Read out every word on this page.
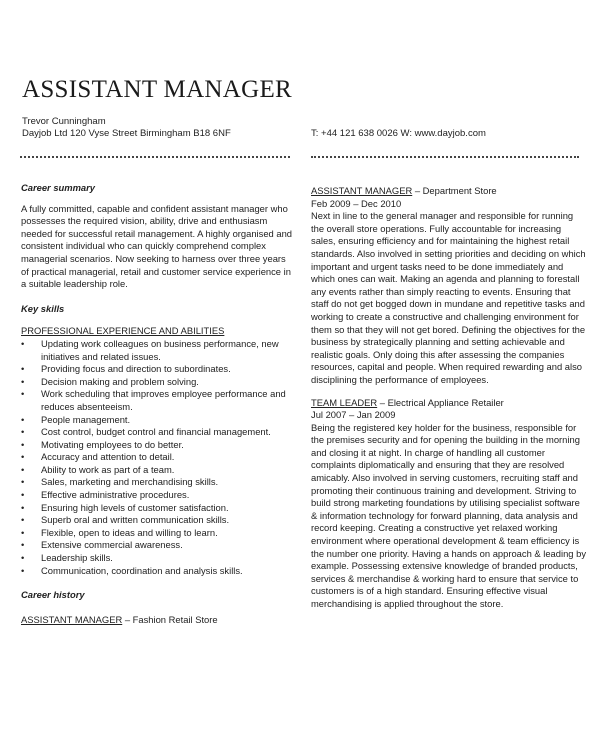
ASSISTANT MANAGER
Trevor Cunningham
Dayjob Ltd 120 Vyse Street Birmingham B18 6NF	T: +44 121 638 0026 W: www.dayjob.com
Career summary

A fully committed, capable and confident assistant manager who possesses the required vision, ability, drive and enthusiasm needed for successful retail management. A highly organised and consistent individual who can quickly comprehend complex managerial scenarios. Now seeking to harness over three years of practical managerial, retail and customer service experience in a suitable leadership role.

Key skills
PROFESSIONAL EXPERIENCE AND ABILITIES
• Updating work colleagues on business performance, new initiatives and related issues.
• Providing focus and direction to subordinates.
• Decision making and problem solving.
• Work scheduling that improves employee performance and reduces absenteeism.
• People management.
• Cost control, budget control and financial management.
• Motivating employees to do better.
• Accuracy and attention to detail.
• Ability to work as part of a team.
• Sales, marketing and merchandising skills.
• Effective administrative procedures.
• Ensuring high levels of customer satisfaction.
• Superb oral and written communication skills.
• Flexible, open to ideas and willing to learn.
• Extensive commercial awareness.
• Leadership skills.
• Communication, coordination and analysis skills.
Career history
ASSISTANT MANAGER – Fashion Retail Store
ASSISTANT MANAGER – Department Store
Feb 2009 – Dec 2010

Next in line to the general manager and responsible for running the overall store operations. Fully accountable for increasing sales, ensuring efficiency and for maintaining the highest retail standards. Also involved in setting priorities and deciding on which important and urgent tasks need to be done immediately and which ones can wait. Making an agenda and planning to forestall any events rather than simply reacting to events. Ensuring that staff do not get bogged down in mundane and repetitive tasks and working to create a constructive and challenging environment for them so that they will not get bored. Defining the objectives for the business by strategically planning and setting achievable and realistic goals. Only doing this after assessing the companies resources, capital and people. When required rewarding and also disciplining the performance of employees.

TEAM LEADER – Electrical Appliance Retailer
Jul 2007 – Jan 2009

Being the registered key holder for the business, responsible for the premises security and for opening the building in the morning and closing it at night. In charge of handling all customer complaints diplomatically and ensuring that they are resolved amicably. Also involved in serving customers, recruiting staff and promoting their continuous training and development. Striving to build strong marketing foundations by utilising specialist software & information technology for forward planning, data analysis and record keeping. Creating a constructive yet relaxed working environment where operational development & team efficiency is the number one priority. Having a hands on approach & leading by example. Possessing extensive knowledge of branded products, services & merchandise & working hard to ensure that service to customers is of a high standard. Ensuring effective visual merchandising is applied throughout the store.
